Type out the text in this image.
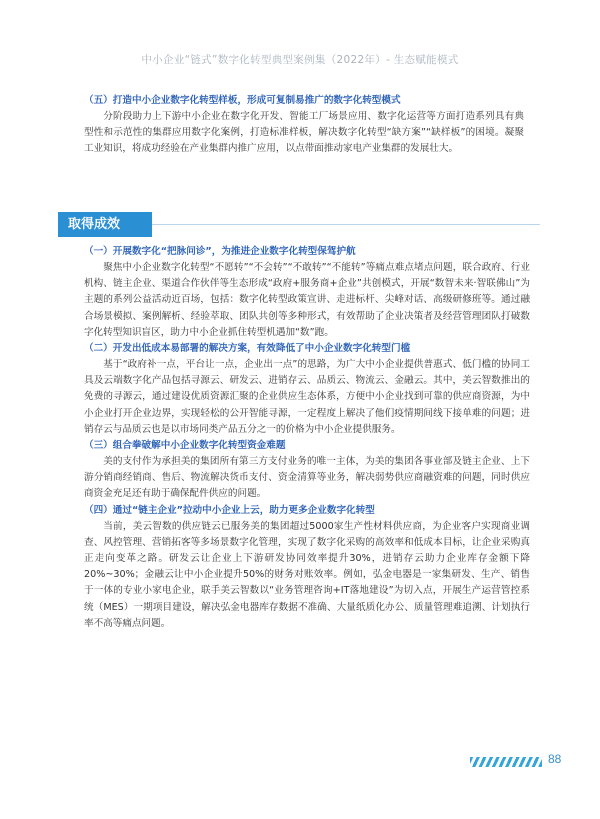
中小企业“链式”数字化转型典型案例集（2022年）- 生态赋能模式
（五）打造中小企业数字化转型样板，形成可复制易推广的数字化转型模式
分阶段助力上下游中小企业在数字化开发、智能工厂场景应用、数字化运营等方面打造系列具有典型性和示范性的集群应用数字化案例，打造标准样板，解决数字化转型“缺方案”“缺样板”的困境。凝聚工业知识，将成功经验在产业集群内推广应用，以点带面推动家电产业集群的发展壮大。
取得成效
（一）开展数字化“把脉问诊”，为推进企业数字化转型保驾护航
聚焦中小企业数字化转型“不愿转”“不会转”“不敢转”“不能转”等痛点难点堵点问题，联合政府、行业机构、链主企业、渠道合作伙伴等生态形成“政府+服务商+企业”共创模式，开展“数智未来·智联佛山”为主题的系列公益活动近百场，包括：数字化转型政策宣讲、走进标杆、尖峰对话、高级研修班等。通过融合场景模拟、案例解析、经验萃取、团队共创等多种形式，有效帮助了企业决策者及经营管理团队打破数字化转型知识盲区，助力中小企业抓住转型机遇加“数”跑。
（二）开发出低成本易部署的解决方案，有效降低了中小企业数字化转型门槛
基于“政府补一点，平台让一点，企业出一点”的思路，为广大中小企业提供普惠式、低门槛的协同工具及云端数字化产品包括寻源云、研发云、进销存云、品质云、物流云、金融云。其中，美云智数推出的免费的寻源云，通过建设优质资源汇聚的企业供应生态体系，方便中小企业找到可靠的供应商资源，为中小企业打开企业边界，实现轻松的公开智能寻源，一定程度上解决了他们疫情期间线下接单难的问题；进销存云与品质云也是以市场同类产品五分之一的价格为中小企业提供服务。
（三）组合拳破解中小企业数字化转型资金难题
美的支付作为承担美的集团所有第三方支付业务的唯一主体，为美的集团各事业部及链主企业、上下游分销商经销商、售后、物流解决货币支付、资金清算等业务，解决弱势供应商融资难的问题，同时供应商资金充足还有助于确保配件供应的问题。
（四）通过“链主企业”拉动中小企业上云，助力更多企业数字化转型
当前，美云智数的供应链云已服务美的集团超过5000家生产性材料供应商，为企业客户实现商业调查、风控管理、营销拓客等多场景数字化管理，实现了数字化采购的高效率和低成本目标，让企业采购真正走向变革之路。研发云让企业上下游研发协同效率提升30%，进销存云助力企业库存金额下降20%~30%；金融云让中小企业提升50%的财务对账效率。例如，弘金电器是一家集研发、生产、销售于一体的专业小家电企业，联手美云智数以“业务管理咨询+IT落地建设”为切入点，开展生产运营管控系统（MES）一期项目建设，解决弘金电器库存数据不准确、大量纸质化办公、质量管理难追溯、计划执行率不高等痛点问题。
88
